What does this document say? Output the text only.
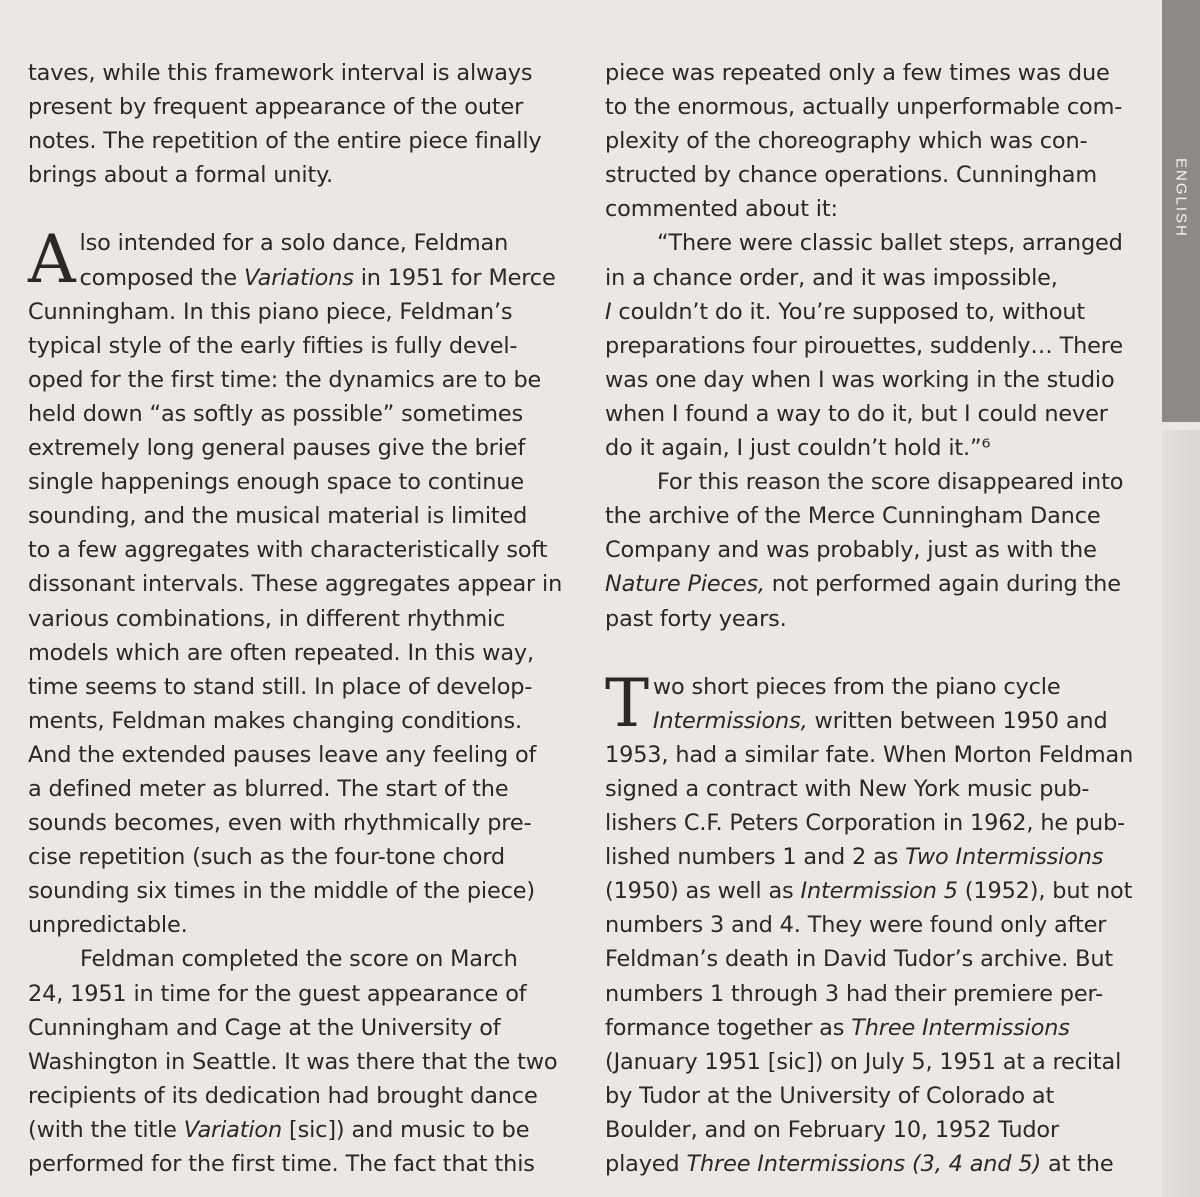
ENGLISH
taves, while this framework interval is always
present by frequent appearance of the outer
notes. The repetition of the entire piece finally
brings about a formal unity.
A lso intended for a solo dance, Feldman
composed the Variations in 1951 for Merce
Cunningham. In this piano piece, Feldman’s
typical style of the early fifties is fully devel-
oped for the first time: the dynamics are to be
held down “as softly as possible” sometimes
extremely long general pauses give the brief
single happenings enough space to continue
sounding, and the musical material is limited
to a few aggregates with characteristically soft
dissonant intervals. These aggregates appear in
various combinations, in different rhythmic
models which are often repeated. In this way,
time seems to stand still. In place of develop-
ments, Feldman makes changing conditions.
And the extended pauses leave any feeling of
a defined meter as blurred. The start of the
sounds becomes, even with rhythmically pre-
cise repetition (such as the four-tone chord
sounding six times in the middle of the piece)
unpredictable.
Feldman completed the score on March
24, 1951 in time for the guest appearance of
Cunningham and Cage at the University of
Washington in Seattle. It was there that the two
recipients of its dedication had brought dance
(with the title Variation [sic]) and music to be
performed for the first time. The fact that this
piece was repeated only a few times was due
to the enormous, actually unperformable com-
plexity of the choreography which was con-
structed by chance operations. Cunningham
commented about it:
“There were classic ballet steps, arranged
in a chance order, and it was impossible,
I couldn’t do it. You’re supposed to, without
preparations four pirouettes, suddenly… There
was one day when I was working in the studio
when I found a way to do it, but I could never
do it again, I just couldn’t hold it.”⁶
For this reason the score disappeared into
the archive of the Merce Cunningham Dance
Company and was probably, just as with the
Nature Pieces, not performed again during the
past forty years.
T wo short pieces from the piano cycle
Intermissions, written between 1950 and
1953, had a similar fate. When Morton Feldman
signed a contract with New York music pub-
lishers C.F. Peters Corporation in 1962, he pub-
lished numbers 1 and 2 as Two Intermissions
(1950) as well as Intermission 5 (1952), but not
numbers 3 and 4. They were found only after
Feldman’s death in David Tudor’s archive. But
numbers 1 through 3 had their premiere per-
formance together as Three Intermissions
(January 1951 [sic]) on July 5, 1951 at a recital
by Tudor at the University of Colorado at
Boulder, and on February 10, 1952 Tudor
played Three Intermissions (3, 4 and 5) at the
